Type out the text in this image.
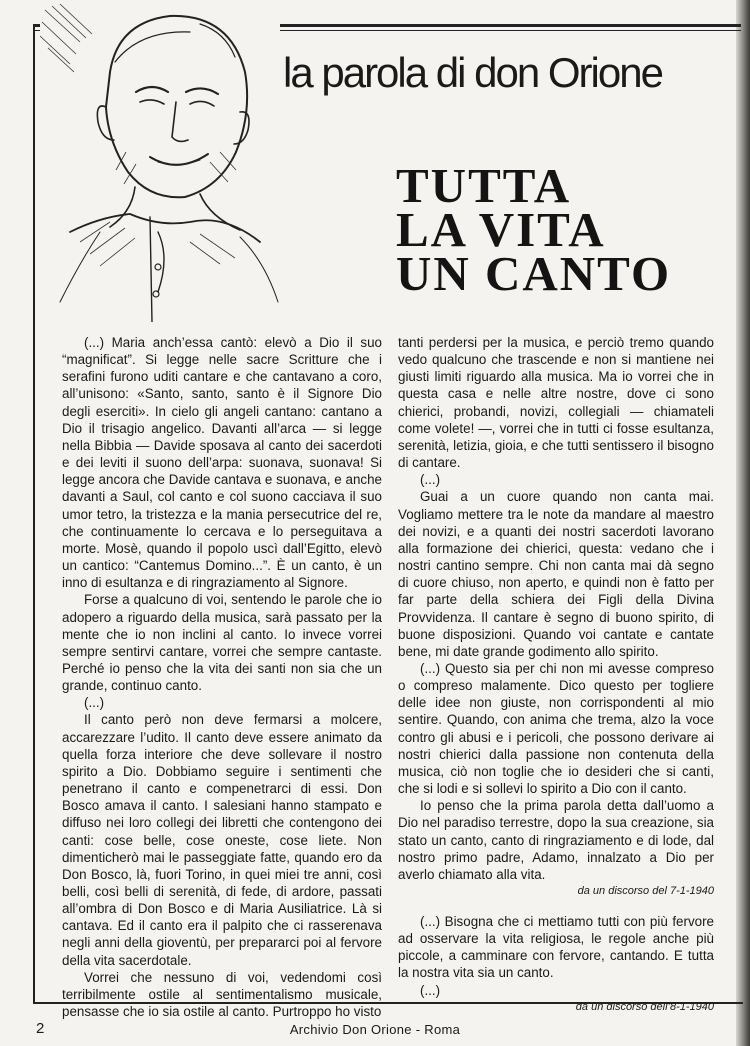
la parola di don Orione
TUTTA
LA VITA
UN CANTO

(...) Maria anch’essa cantò: elevò a Dio il suo “magnificat”. Si legge nelle sacre Scritture che i serafini furono uditi cantare e che cantavano a coro, all’unisono: «Santo, santo, santo è il Signore Dio degli eserciti». In cielo gli angeli cantano: cantano a Dio il trisagio angelico. Davanti all’arca — si legge nella Bibbia — Davide sposava al canto dei sacerdoti e dei leviti il suono dell’arpa: suonava, suonava! Si legge ancora che Davide cantava e suonava, e anche davanti a Saul, col canto e col suono cacciava il suo umor tetro, la tristezza e la mania persecutrice del re, che continuamente lo cercava e lo perseguitava a morte. Mosè, quando il popolo uscì dall’Egitto, elevò un cantico: “Cantemus Domino...”. È un canto, è un inno di esultanza e di ringraziamento al Signore.

Forse a qualcuno di voi, sentendo le parole che io adopero a riguardo della musica, sarà passato per la mente che io non inclini al canto. Io invece vorrei sempre sentirvi cantare, vorrei che sempre cantaste. Perché io penso che la vita dei santi non sia che un grande, continuo canto.

(...)

Il canto però non deve fermarsi a molcere, accarezzare l’udito. Il canto deve essere animato da quella forza interiore che deve sollevare il nostro spirito a Dio. Dobbiamo seguire i sentimenti che penetrano il canto e compenetrarci di essi. Don Bosco amava il canto. I salesiani hanno stampato e diffuso nei loro collegi dei libretti che contengono dei canti: cose belle, cose oneste, cose liete. Non dimenticherò mai le passeggiate fatte, quando ero da Don Bosco, là, fuori Torino, in quei miei tre anni, così belli, così belli di serenità, di fede, di ardore, passati all’ombra di Don Bosco e di Maria Ausiliatrice. Là si cantava. Ed il canto era il palpito che ci rasserenava negli anni della gioventù, per prepararci poi al fervore della vita sacerdotale.

Vorrei che nessuno di voi, vedendomi così terribilmente ostile al sentimentalismo musicale, pensasse che io sia ostile al canto. Purtroppo ho visto

tanti perdersi per la musica, e perciò tremo quando vedo qualcuno che trascende e non si mantiene nei giusti limiti riguardo alla musica. Ma io vorrei che in questa casa e nelle altre nostre, dove ci sono chierici, probandi, novizi, collegiali — chiamateli come volete! —, vorrei che in tutti ci fosse esultanza, serenità, letizia, gioia, e che tutti sentissero il bisogno di cantare.

(...)

Guai a un cuore quando non canta mai. Vogliamo mettere tra le note da mandare al maestro dei novizi, e a quanti dei nostri sacerdoti lavorano alla formazione dei chierici, questa: vedano che i nostri cantino sempre. Chi non canta mai dà segno di cuore chiuso, non aperto, e quindi non è fatto per far parte della schiera dei Figli della Divina Provvidenza. Il cantare è segno di buono spirito, di buone disposizioni. Quando voi cantate e cantate bene, mi date grande godimento allo spirito.

(...) Questo sia per chi non mi avesse compreso o compreso malamente. Dico questo per togliere delle idee non giuste, non corrispondenti al mio sentire. Quando, con anima che trema, alzo la voce contro gli abusi e i pericoli, che possono derivare ai nostri chierici dalla passione non contenuta della musica, ciò non toglie che io desideri che si canti, che si lodi e si sollevi lo spirito a Dio con il canto.

Io penso che la prima parola detta dall’uomo a Dio nel paradiso terrestre, dopo la sua creazione, sia stato un canto, canto di ringraziamento e di lode, dal nostro primo padre, Adamo, innalzato a Dio per averlo chiamato alla vita.

da un discorso del 7-1-1940

(...) Bisogna che ci mettiamo tutti con più fervore ad osservare la vita religiosa, le regole anche più piccole, a camminare con fervore, cantando. E tutta la nostra vita sia un canto.

(...)

da un discorso dell’8-1-1940

2	Archivio Don Orione - Roma
